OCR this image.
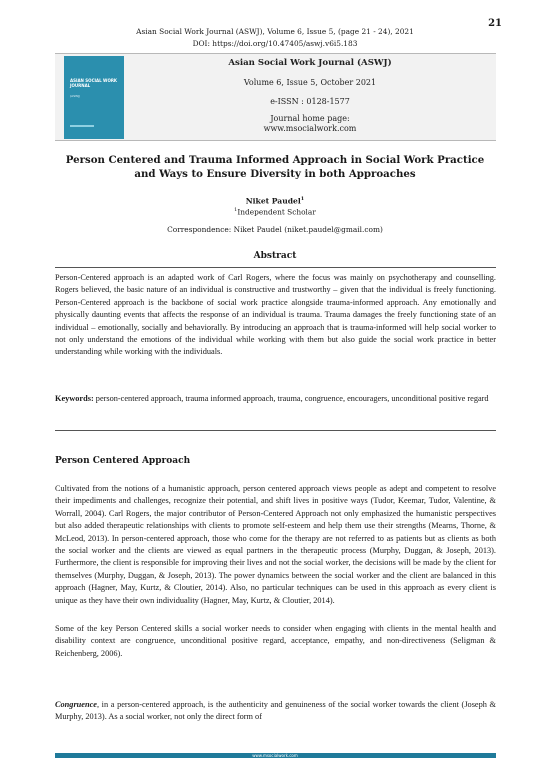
21
Asian Social Work Journal (ASWJ), Volume 6, Issue 5, (page 21 - 24), 2021
DOI: https://doi.org/10.47405/aswj.v6i5.183
ASIAN SOCIAL WORK JOURNAL
(ASWJ)
Asian Social Work Journal (ASWJ)
Volume 6, Issue 5, October 2021
e-ISSN : 0128-1577
Journal home page:
www.msocialwork.com
Person Centered and Trauma Informed Approach in Social Work Practice and Ways to Ensure Diversity in both Approaches
Niket Paudel$^1$
$^1$Independent Scholar
Correspondence: Niket Paudel (niket.paudel@gmail.com)
Abstract
Person-Centered approach is an adapted work of Carl Rogers, where the focus was mainly on psychotherapy and counselling. Rogers believed, the basic nature of an individual is constructive and trustworthy – given that the individual is freely functioning. Person-Centered approach is the backbone of social work practice alongside trauma-informed approach. Any emotionally and physically daunting events that affects the response of an individual is trauma. Trauma damages the freely functioning state of an individual – emotionally, socially and behaviorally. By introducing an approach that is trauma-informed will help social worker to not only understand the emotions of the individual while working with them but also guide the social work practice in better understanding while working with the individuals.
Keywords: person-centered approach, trauma informed approach, trauma, congruence, encouragers, unconditional positive regard
Person Centered Approach
Cultivated from the notions of a humanistic approach, person centered approach views people as adept and competent to resolve their impediments and challenges, recognize their potential, and shift lives in positive ways (Tudor, Keemar, Tudor, Valentine, & Worrall, 2004). Carl Rogers, the major contributor of Person-Centered Approach not only emphasized the humanistic perspectives but also added therapeutic relationships with clients to promote self-esteem and help them use their strengths (Mearns, Thorne, & McLeod, 2013). In person-centered approach, those who come for the therapy are not referred to as patients but as clients as both the social worker and the clients are viewed as equal partners in the therapeutic process (Murphy, Duggan, & Joseph, 2013). Furthermore, the client is responsible for improving their lives and not the social worker, the decisions will be made by the client for themselves (Murphy, Duggan, & Joseph, 2013). The power dynamics between the social worker and the client are balanced in this approach (Hagner, May, Kurtz, & Cloutier, 2014). Also, no particular techniques can be used in this approach as every client is unique as they have their own individuality (Hagner, May, Kurtz, & Cloutier, 2014).
Some of the key Person Centered skills a social worker needs to consider when engaging with clients in the mental health and disability context are congruence, unconditional positive regard, acceptance, empathy, and non-directiveness (Seligman & Reichenberg, 2006).
Congruence, in a person-centered approach, is the authenticity and genuineness of the social worker towards the client (Joseph & Murphy, 2013). As a social worker, not only the direct form of
www.msocialwork.com
